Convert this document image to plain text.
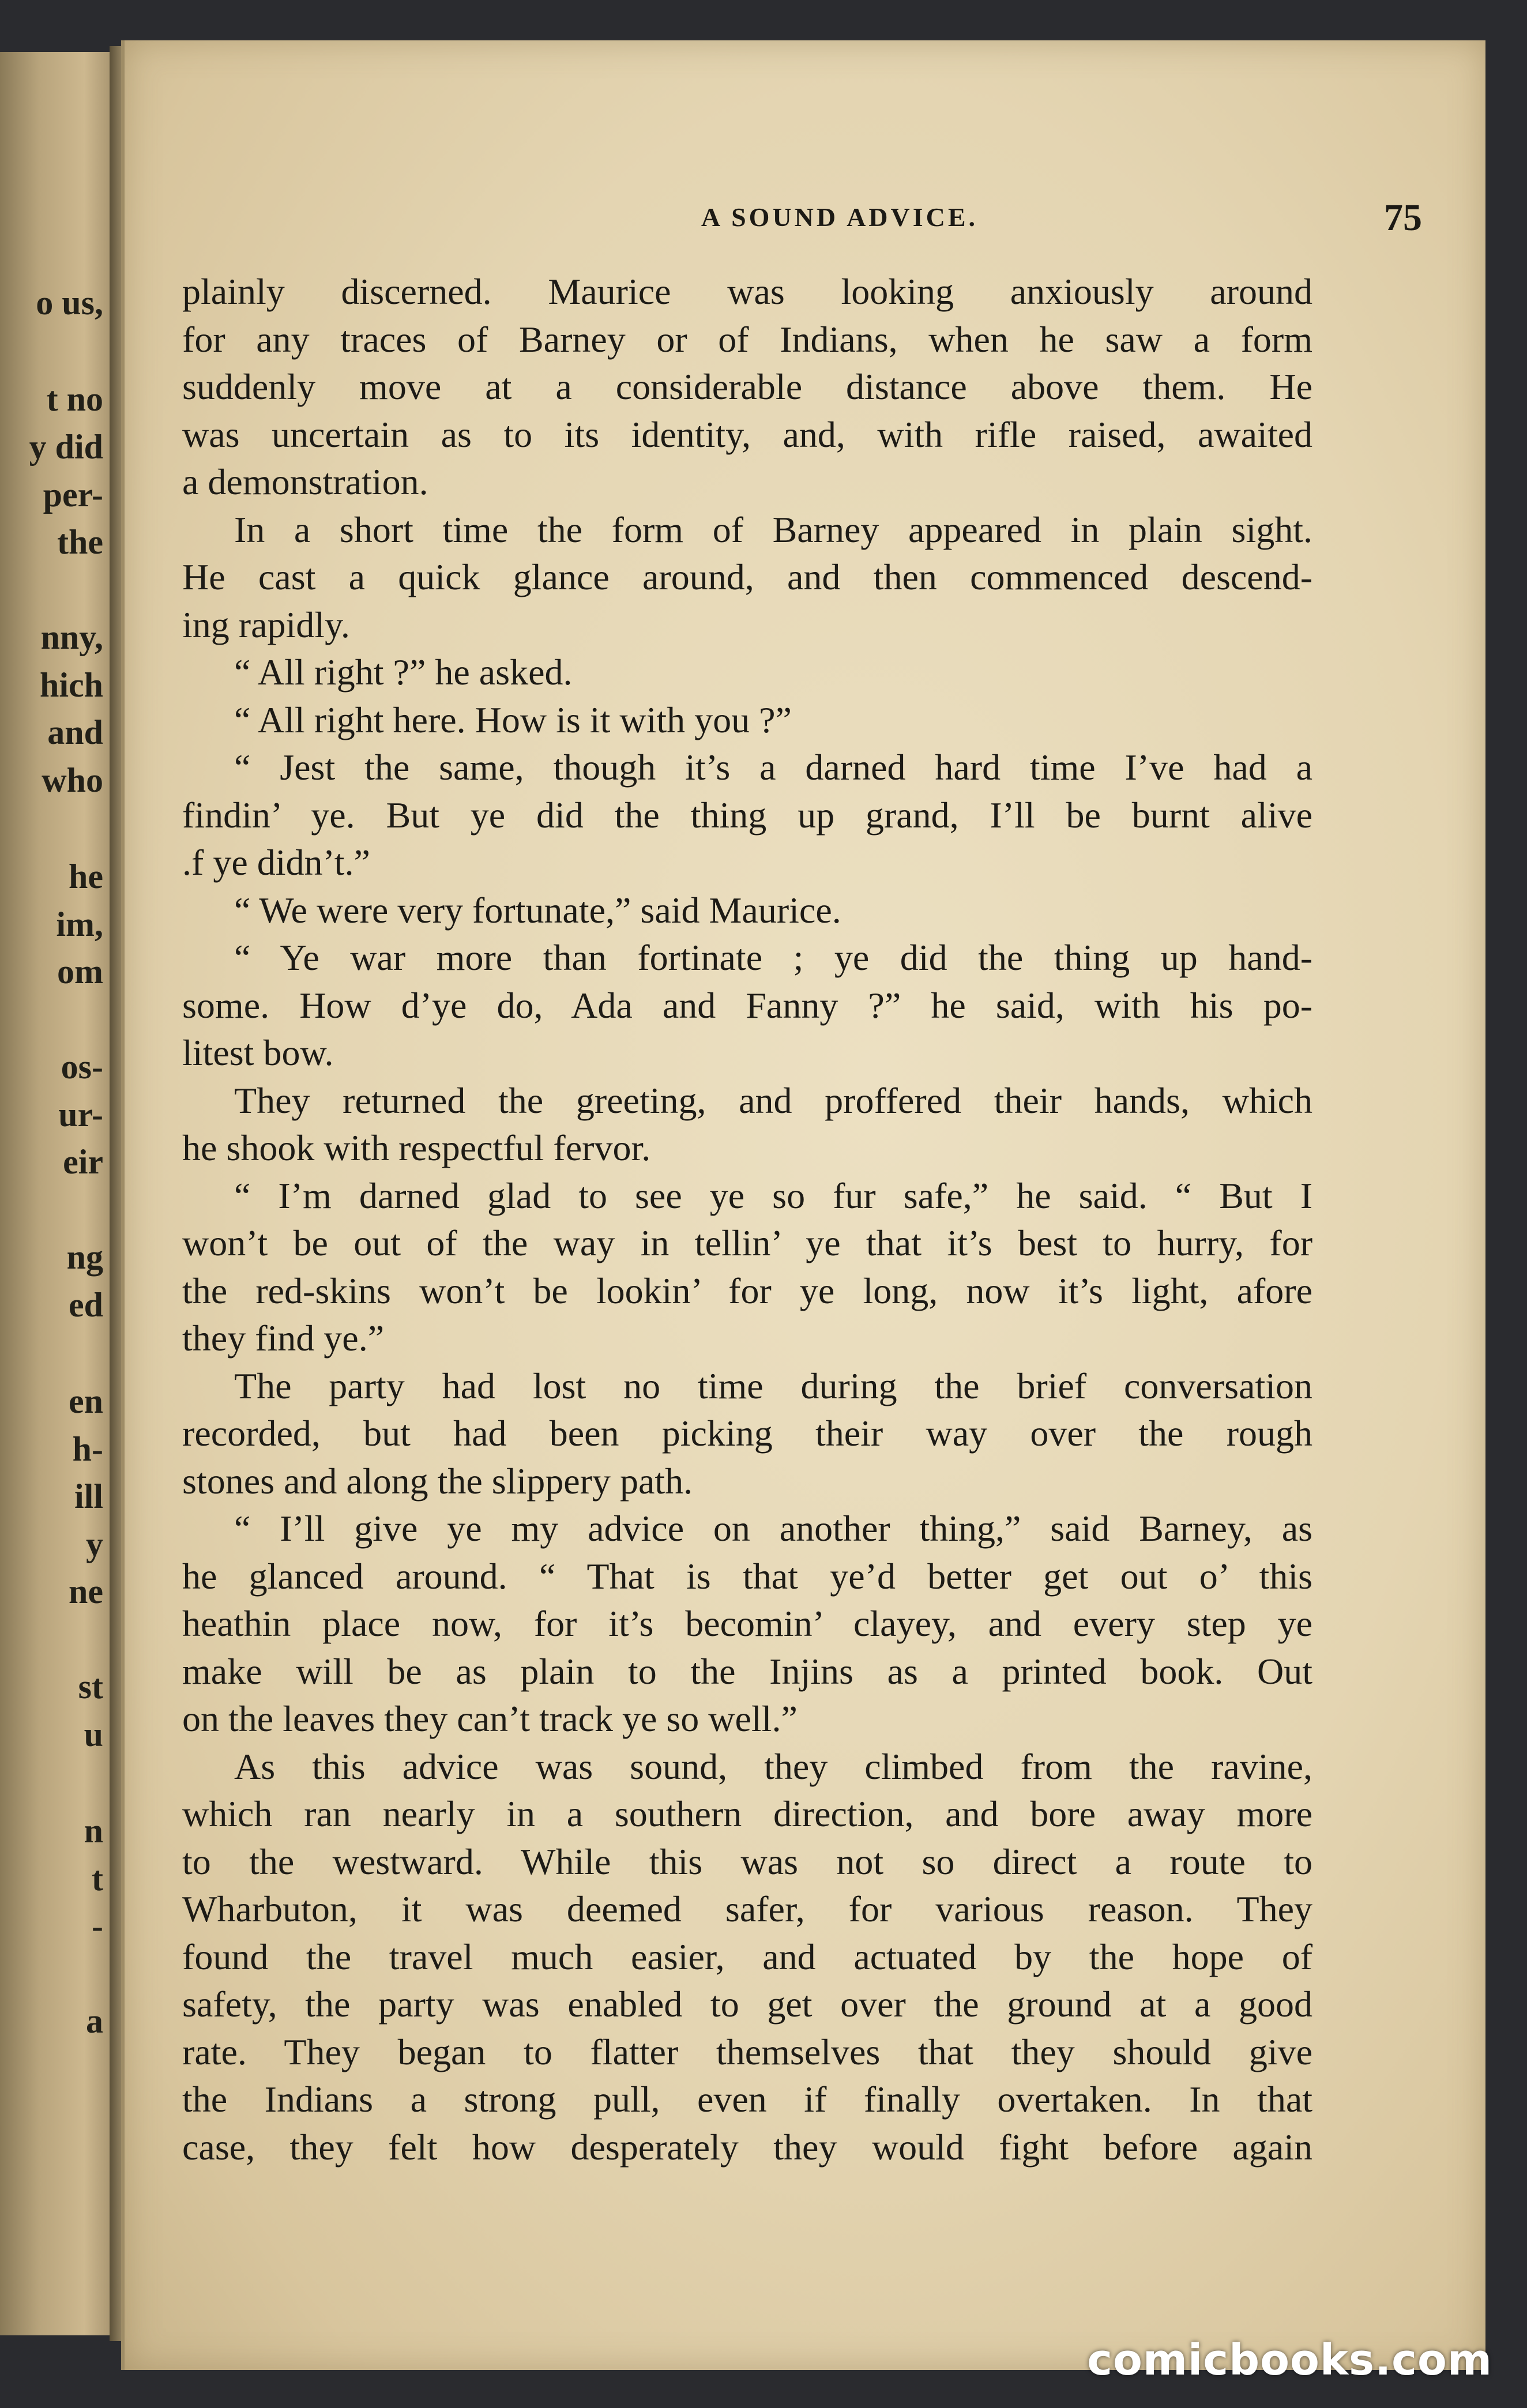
o us,
t no
y did
per-
the
nny,
hich
and
who
he
im,
om
os-
ur-
eir
ng
ed
en
h-
ill
y
ne
st
u
n
t
-
a
A SOUND ADVICE.	75
plainly discerned. Maurice was looking anxiously around
for any traces of Barney or of Indians, when he saw a form
suddenly move at a considerable distance above them. He
was uncertain as to its identity, and, with rifle raised, awaited
a demonstration.
In a short time the form of Barney appeared in plain sight.
He cast a quick glance around, and then commenced descend-
ing rapidly.
“ All right ?” he asked.
“ All right here. How is it with you ?”
“ Jest the same, though it’s a darned hard time I’ve had a
findin’ ye. But ye did the thing up grand, I’ll be burnt alive
.f ye didn’t.”
“ We were very fortunate,” said Maurice.
“ Ye war more than fortinate ; ye did the thing up hand-
some. How d’ye do, Ada and Fanny ?” he said, with his po-
litest bow.
They returned the greeting, and proffered their hands, which
he shook with respectful fervor.
“ I’m darned glad to see ye so fur safe,” he said. “ But I
won’t be out of the way in tellin’ ye that it’s best to hurry, for
the red-skins won’t be lookin’ for ye long, now it’s light, afore
they find ye.”
The party had lost no time during the brief conversation
recorded, but had been picking their way over the rough
stones and along the slippery path.
“ I’ll give ye my advice on another thing,” said Barney, as
he glanced around. “ That is that ye’d better get out o’ this
heathin place now, for it’s becomin’ clayey, and every step ye
make will be as plain to the Injins as a printed book. Out
on the leaves they can’t track ye so well.”
As this advice was sound, they climbed from the ravine,
which ran nearly in a southern direction, and bore away more
to the westward. While this was not so direct a route to
Wharbuton, it was deemed safer, for various reason. They
found the travel much easier, and actuated by the hope of
safety, the party was enabled to get over the ground at a good
rate. They began to flatter themselves that they should give
the Indians a strong pull, even if finally overtaken. In that
case, they felt how desperately they would fight before again
comicbooks.com
